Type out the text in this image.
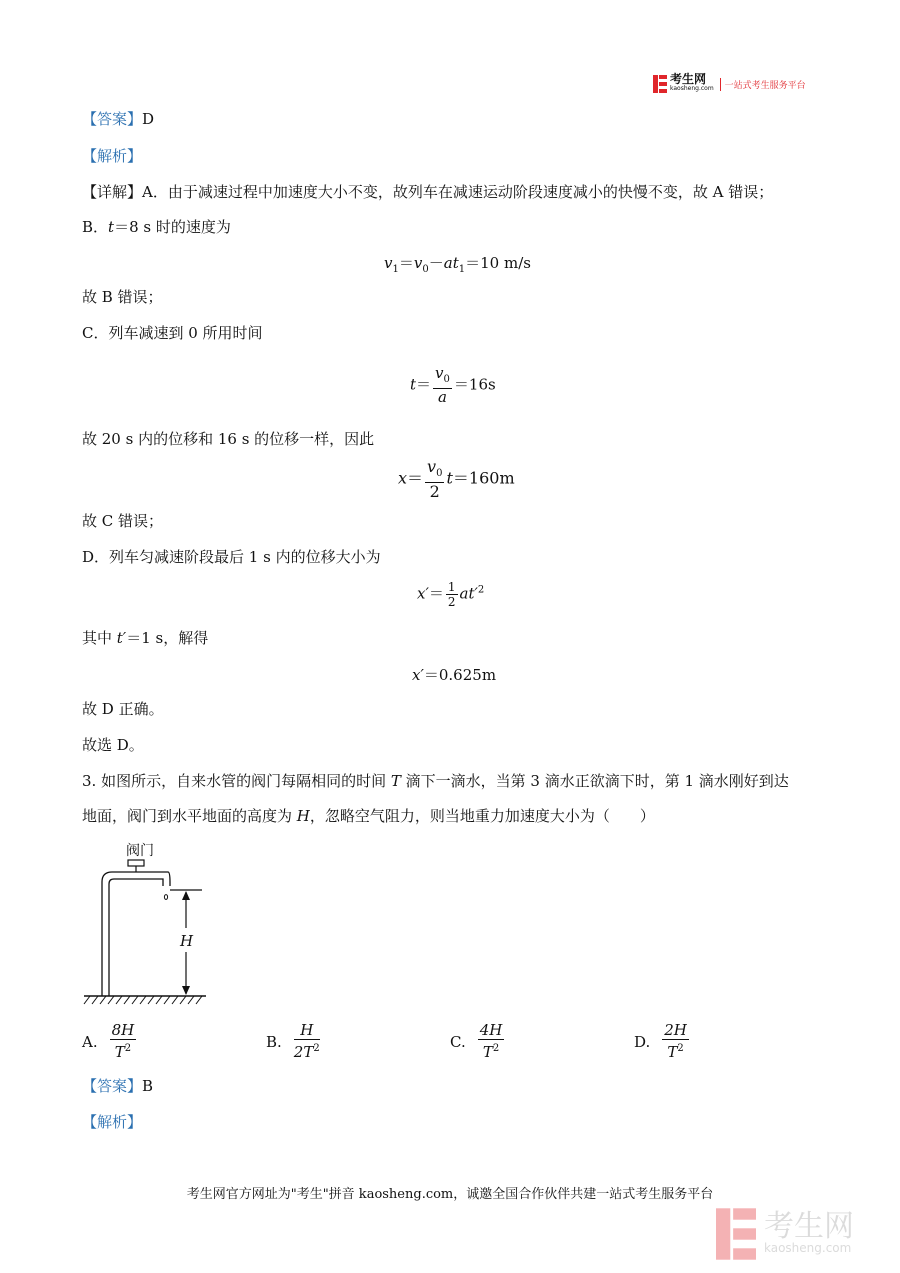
考生网
kaosheng.com	一站式考生服务平台
【答案】D
【解析】
【详解】A．由于减速过程中加速度大小不变，故列车在减速运动阶段速度减小的快慢不变，故 A 错误；
B．t＝8 s 时的速度为
$v_1=v_0-at_1=10$ m/s
故 B 错误；
C．列车减速到 0 所用时间
$t= \frac{v_0}{a} =16s$
故 20 s 内的位移和 16 s 的位移一样，因此
$x= \frac{v_0}{2} t=160m$
故 C 错误；
D．列车匀减速阶段最后 1 s 内的位移大小为
$x'= \frac{1}{2} at'^2$
其中 t′＝1 s，解得
x′＝0.625m
故 D 正确。
故选 D。
3. 如图所示，自来水管的阀门每隔相同的时间 T 滴下一滴水，当第 3 滴水正欲滴下时，第 1 滴水刚好到达
地面，阀门到水平地面的高度为 H，忽略空气阻力，则当地重力加速度大小为（　　）
阀门
H
A. $\frac{8H}{T^2}$	B. $\frac{H}{2T^2}$	C. $\frac{4H}{T^2}$	D. $\frac{2H}{T^2}$
【答案】B
【解析】
考生网官方网址为"考生"拼音 kaosheng.com，诚邀全国合作伙伴共建一站式考生服务平台
考生网
kaosheng.com
